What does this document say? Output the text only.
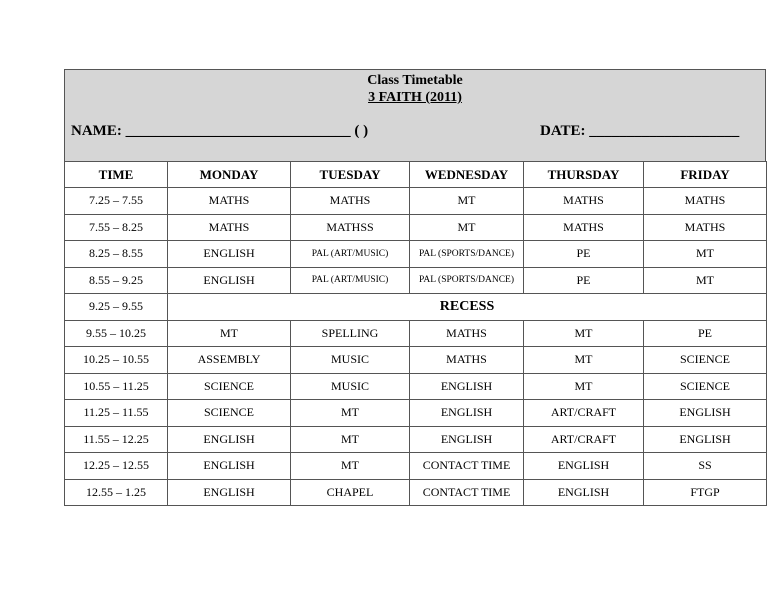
Class Timetable
3 FAITH (2011)
NAME: ______________________________ ( )	DATE: ____________________
TIME	MONDAY	TUESDAY	WEDNESDAY	THURSDAY	FRIDAY
7.25 – 7.55	MATHS	MATHS	MT	MATHS	MATHS
7.55 – 8.25	MATHS	MATHSS	MT	MATHS	MATHS
8.25 – 8.55	ENGLISH	PAL (ART/MUSIC)	PAL (SPORTS/DANCE)	PE	MT
8.55 – 9.25	ENGLISH	PAL (ART/MUSIC)	PAL (SPORTS/DANCE)	PE	MT
9.25 – 9.55	RECESS				
9.55 – 10.25	MT	SPELLING	MATHS	MT	PE
10.25 – 10.55	ASSEMBLY	MUSIC	MATHS	MT	SCIENCE
10.55 – 11.25	SCIENCE	MUSIC	ENGLISH	MT	SCIENCE
11.25 – 11.55	SCIENCE	MT	ENGLISH	ART/CRAFT	ENGLISH
11.55 – 12.25	ENGLISH	MT	ENGLISH	ART/CRAFT	ENGLISH
12.25 – 12.55	ENGLISH	MT	CONTACT TIME	ENGLISH	SS
12.55 – 1.25	ENGLISH	CHAPEL	CONTACT TIME	ENGLISH	FTGP
